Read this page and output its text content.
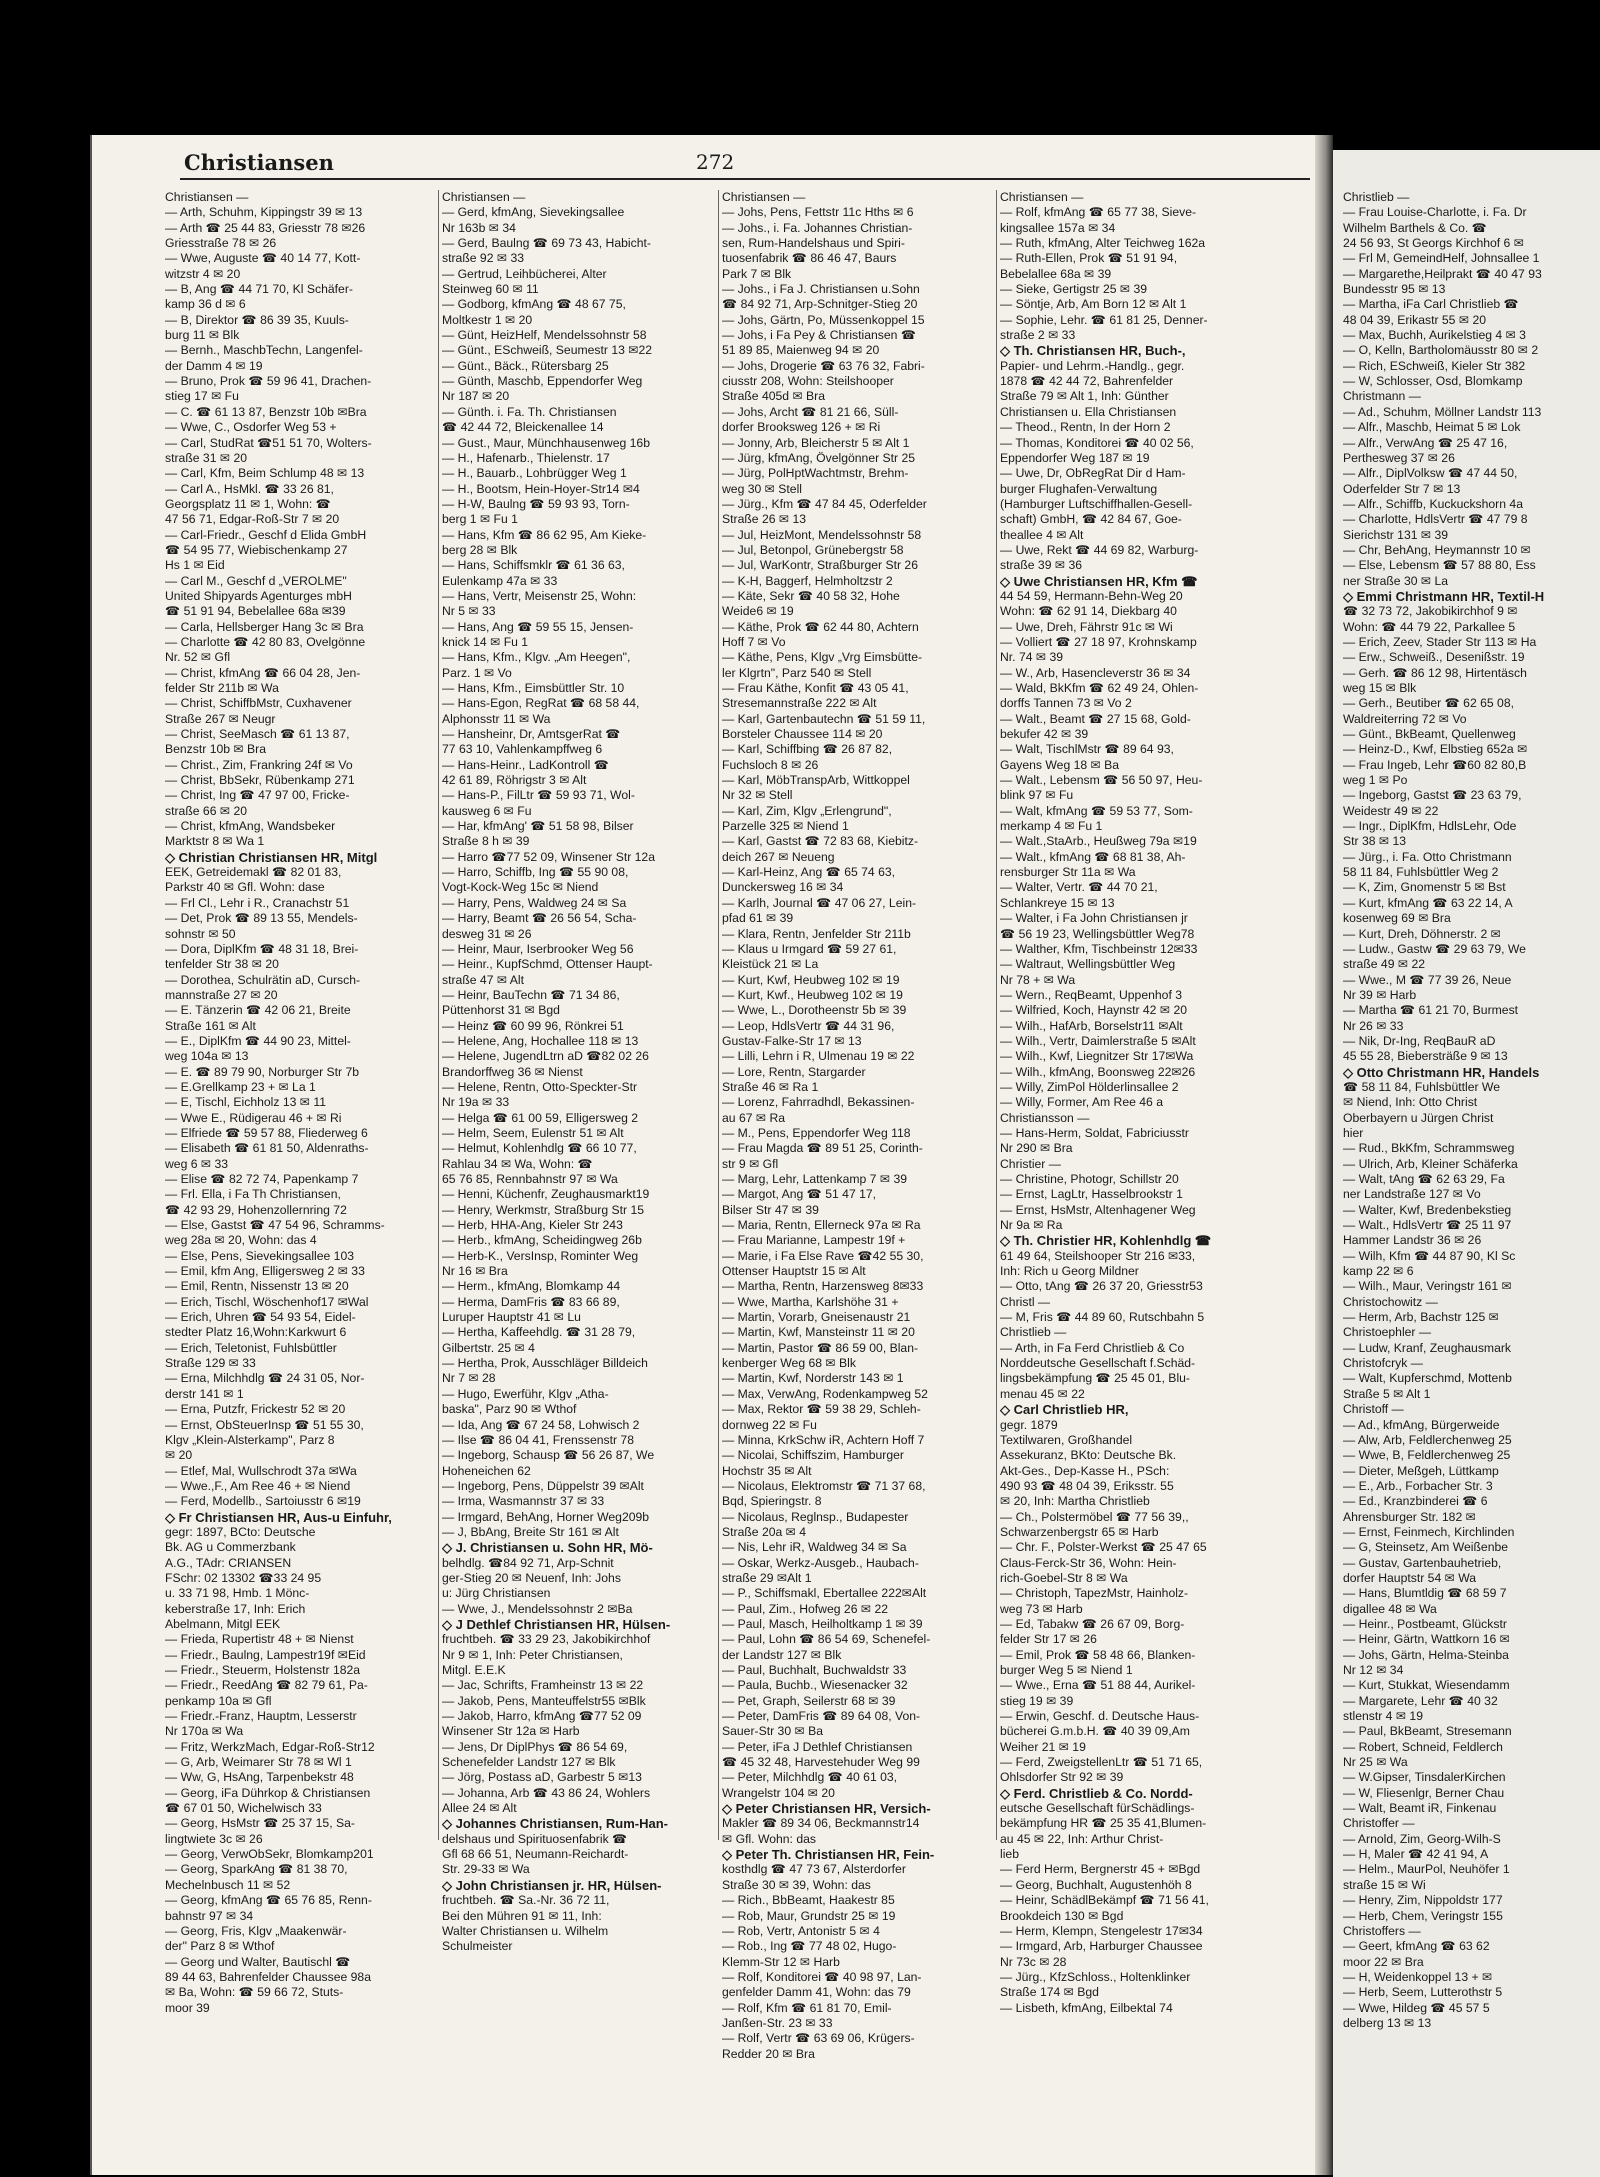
Christiansen	272
Christiansen —
— Arth, Schuhm, Kippingstr 39 ✉ 13
— Arth ☎ 25 44 83, Griesstr 78 ✉26
Griesstraße 78 ✉ 26
— Wwe, Auguste ☎ 40 14 77, Kott-
witzstr 4 ✉ 20
— B, Ang ☎ 44 71 70, Kl Schäfer-
kamp 36 d ✉ 6
— B, Direktor ☎ 86 39 35, Kuuls-
burg 11 ✉ Blk
— Bernh., MaschbTechn, Langenfel-
der Damm 4 ✉ 19
— Bruno, Prok ☎ 59 96 41, Drachen-
stieg 17 ✉ Fu
— C. ☎ 61 13 87, Benzstr 10b ✉Bra
— Wwe, C., Osdorfer Weg 53 +
— Carl, StudRat ☎51 51 70, Wolters-
straße 31 ✉ 20
— Carl, Kfm, Beim Schlump 48 ✉ 13
— Carl A., HsMkl. ☎ 33 26 81,
Georgsplatz 11 ✉ 1, Wohn: ☎
47 56 71, Edgar-Roß-Str 7 ✉ 20
— Carl-Friedr., Geschf d Elida GmbH
☎ 54 95 77, Wiebischenkamp 27
Hs 1 ✉ Eid
— Carl M., Geschf d „VEROLME"
United Shipyards Agenturges mbH
☎ 51 91 94, Bebelallee 68a ✉39
— Carla, Hellsberger Hang 3c ✉ Bra
— Charlotte ☎ 42 80 83, Ovelgönne
Nr. 52 ✉ Gfl
— Christ, kfmAng ☎ 66 04 28, Jen-
felder Str 211b ✉ Wa
— Christ, SchiffbMstr, Cuxhavener
Straße 267 ✉ Neugr
— Christ, SeeMasch ☎ 61 13 87,
Benzstr 10b ✉ Bra
— Christ., Zim, Frankring 24f ✉ Vo
— Christ, BbSekr, Rübenkamp 271
— Christ, Ing ☎ 47 97 00, Fricke-
straße 66 ✉ 20
— Christ, kfmAng, Wandsbeker
Marktstr 8 ✉ Wa 1
◇ Christian Christiansen HR, Mitgl
EEK, Getreidemakl ☎ 82 01 83,
Parkstr 40 ✉ Gfl. Wohn: dase
— Frl Cl., Lehr i R., Cranachstr 51
— Det, Prok ☎ 89 13 55, Mendels-
sohnstr ✉ 50
— Dora, DiplKfm ☎ 48 31 18, Brei-
tenfelder Str 38 ✉ 20
— Dorothea, Schulrätin aD, Cursch-
mannstraße 27 ✉ 20
— E. Tänzerin ☎ 42 06 21, Breite
Straße 161 ✉ Alt
— E., DiplKfm ☎ 44 90 23, Mittel-
weg 104a ✉ 13
— E. ☎ 89 79 90, Norburger Str 7b
— E.Grellkamp 23 + ✉ La 1
— E, Tischl, Eichholz 13 ✉ 11
— Wwe E., Rüdigerau 46 + ✉ Ri
— Elfriede ☎ 59 57 88, Fliederweg 6
— Elisabeth ☎ 61 81 50, Aldenraths-
weg 6 ✉ 33
— Elise ☎ 82 72 74, Papenkamp 7
— Frl. Ella, i Fa Th Christiansen,
☎ 42 93 29, Hohenzollernring 72
— Else, Gastst ☎ 47 54 96, Schramms-
weg 28a ✉ 20, Wohn: das 4
— Else, Pens, Sievekingsallee 103
— Emil, kfm Ang, Elligersweg 2 ✉ 33
— Emil, Rentn, Nissenstr 13 ✉ 20
— Erich, Tischl, Wöschenhof17 ✉Wal
— Erich, Uhren ☎ 54 93 54, Eidel-
stedter Platz 16,Wohn:Karkwurt 6
— Erich, Teletonist, Fuhlsbüttler
Straße 129 ✉ 33
— Erna, Milchhdlg ☎ 24 31 05, Nor-
derstr 141 ✉ 1
— Erna, Putzfr, Frickestr 52 ✉ 20
— Ernst, ObSteuerInsp ☎ 51 55 30,
Klgv „Klein-Alsterkamp", Parz 8
✉ 20
— Etlef, Mal, Wullschrodt 37a ✉Wa
— Wwe.,F., Am Ree 46 + ✉ Niend
— Ferd, Modellb., Sartoiusstr 6 ✉19
◇ Fr Christiansen HR, Aus-u Einfuhr,
gegr: 1897, BCto: Deutsche
Bk. AG u Commerzbank
A.G., TAdr: CRIANSEN
FSchr: 02 13302 ☎33 24 95
u. 33 71 98, Hmb. 1 Mönc-
keberstraße 17, Inh: Erich
Abelmann, Mitgl EEK
— Frieda, Rupertistr 48 + ✉ Nienst
— Friedr., Baulng, Lampestr19f ✉Eid
— Friedr., Steuerm, Holstenstr 182a
— Friedr., ReedAng ☎ 82 79 61, Pa-
penkamp 10a ✉ Gfl
— Friedr.-Franz, Hauptm, Lesserstr
Nr 170a ✉ Wa
— Fritz, WerkzMach, Edgar-Roß-Str12
— G, Arb, Weimarer Str 78 ✉ Wl 1
— Ww, G, HsAng, Tarpenbekstr 48
— Georg, iFa Dührkop & Christiansen
☎ 67 01 50, Wichelwisch 33
— Georg, HsMstr ☎ 25 37 15, Sa-
lingtwiete 3c ✉ 26
— Georg, VerwObSekr, Blomkamp201
— Georg, SparkAng ☎ 81 38 70,
Mechelnbusch 11 ✉ 52
— Georg, kfmAng ☎ 65 76 85, Renn-
bahnstr 97 ✉ 34
— Georg, Fris, Klgv „Maakenwär-
der" Parz 8 ✉ Wthof
— Georg und Walter, Bautischl ☎
89 44 63, Bahrenfelder Chaussee 98a
✉ Ba, Wohn: ☎ 59 66 72, Stuts-
moor 39
Christiansen —
— Gerd, kfmAng, Sievekingsallee
Nr 163b ✉ 34
— Gerd, Baulng ☎ 69 73 43, Habicht-
straße 92 ✉ 33
— Gertrud, Leihbücherei, Alter
Steinweg 60 ✉ 11
— Godborg, kfmAng ☎ 48 67 75,
Moltkestr 1 ✉ 20
— Günt, HeizHelf, Mendelssohnstr 58
— Günt., ESchweiß, Seumestr 13 ✉22
— Günt., Bäck., Rütersbarg 25
— Günth, Maschb, Eppendorfer Weg
Nr 187 ✉ 20
— Günth. i. Fa. Th. Christiansen
☎ 42 44 72, Bleickenallee 14
— Gust., Maur, Münchhausenweg 16b
— H., Hafenarb., Thielenstr. 17
— H., Bauarb., Lohbrügger Weg 1
— H., Bootsm, Hein-Hoyer-Str14 ✉4
— H-W, Baulng ☎ 59 93 93, Torn-
berg 1 ✉ Fu 1
— Hans, Kfm ☎ 86 62 95, Am Kieke-
berg 28 ✉ Blk
— Hans, Schiffsmklr ☎ 61 36 63,
Eulenkamp 47a ✉ 33
— Hans, Vertr, Meisenstr 25, Wohn:
Nr 5 ✉ 33
— Hans, Ang ☎ 59 55 15, Jensen-
knick 14 ✉ Fu 1
— Hans, Kfm., Klgv. „Am Heegen",
Parz. 1 ✉ Vo
— Hans, Kfm., Eimsbüttler Str. 10
— Hans-Egon, RegRat ☎ 68 58 44,
Alphonsstr 11 ✉ Wa
— Hansheinr, Dr, AmtsgerRat ☎
77 63 10, Vahlenkampffweg 6
— Hans-Heinr., LadKontroll ☎
42 61 89, Röhrigstr 3 ✉ Alt
— Hans-P., FilLtr ☎ 59 93 71, Wol-
kausweg 6 ✉ Fu
— Har, kfmAng' ☎ 51 58 98, Bilser
Straße 8 h ✉ 39
— Harro ☎77 52 09, Winsener Str 12a
— Harro, Schiffb, Ing ☎ 55 90 08,
Vogt-Kock-Weg 15c ✉ Niend
— Harry, Pens, Waldweg 24 ✉ Sa
— Harry, Beamt ☎ 26 56 54, Scha-
desweg 31 ✉ 26
— Heinr, Maur, Iserbrooker Weg 56
— Heinr., KupfSchmd, Ottenser Haupt-
straße 47 ✉ Alt
— Heinr, BauTechn ☎ 71 34 86,
Püttenhorst 31 ✉ Bgd
— Heinz ☎ 60 99 96, Rönkrei 51
— Helene, Ang, Hochallee 118 ✉ 13
— Helene, JugendLtrn aD ☎82 02 26
Brandorffweg 36 ✉ Nienst
— Helene, Rentn, Otto-Speckter-Str
Nr 19a ✉ 33
— Helga ☎ 61 00 59, Elligersweg 2
— Helm, Seem, Eulenstr 51 ✉ Alt
— Helmut, Kohlenhdlg ☎ 66 10 77,
Rahlau 34 ✉ Wa, Wohn: ☎
65 76 85, Rennbahnstr 97 ✉ Wa
— Henni, Küchenfr, Zeughausmarkt19
— Henry, Werkmstr, Straßburg Str 15
— Herb, HHA-Ang, Kieler Str 243
— Herb., kfmAng, Scheidingweg 26b
— Herb-K., VersInsp, Rominter Weg
Nr 16 ✉ Bra
— Herm., kfmAng, Blomkamp 44
— Herma, DamFris ☎ 83 66 89,
Luruper Hauptstr 41 ✉ Lu
— Hertha, Kaffeehdlg. ☎ 31 28 79,
Gilbertstr. 25 ✉ 4
— Hertha, Prok, Ausschläger Billdeich
Nr 7 ✉ 28
— Hugo, Ewerführ, Klgv „Atha-
baska", Parz 90 ✉ Wthof
— Ida, Ang ☎ 67 24 58, Lohwisch 2
— Ilse ☎ 86 04 41, Frenssenstr 78
— Ingeborg, Schausp ☎ 56 26 87, We
Hoheneichen 62
— Ingeborg, Pens, Düppelstr 39 ✉Alt
— Irma, Wasmannstr 37 ✉ 33
— Irmgard, BehAng, Horner Weg209b
— J, BbAng, Breite Str 161 ✉ Alt
◇ J. Christiansen u. Sohn HR, Mö-
belhdlg. ☎84 92 71, Arp-Schnit
ger-Stieg 20 ✉ Neuenf, Inh: Johs
u: Jürg Christiansen
— Wwe, J., Mendelssohnstr 2 ✉Ba
◇ J Dethlef Christiansen HR, Hülsen-
fruchtbeh. ☎ 33 29 23, Jakobikirchhof
Nr 9 ✉ 1, Inh: Peter Christiansen,
Mitgl. E.E.K
— Jac, Schrifts, Framheinstr 13 ✉ 22
— Jakob, Pens, Manteuffelstr55 ✉Blk
— Jakob, Harro, kfmAng ☎77 52 09
Winsener Str 12a ✉ Harb
— Jens, Dr DiplPhys ☎ 86 54 69,
Schenefelder Landstr 127 ✉ Blk
— Jörg, Postass aD, Garbestr 5 ✉13
— Johanna, Arb ☎ 43 86 24, Wohlers
Allee 24 ✉ Alt
◇ Johannes Christiansen, Rum-Han-
delshaus und Spirituosenfabrik ☎
Gfl 68 66 51, Neumann-Reichardt-
Str. 29-33 ✉ Wa
◇ John Christiansen jr. HR, Hülsen-
fruchtbeh. ☎ Sa.-Nr. 36 72 11,
Bei den Mühren 91 ✉ 11, Inh:
Walter Christiansen u. Wilhelm
Schulmeister
Christiansen —
— Johs, Pens, Fettstr 11c Hths ✉ 6
— Johs., i. Fa. Johannes Christian-
sen, Rum-Handelshaus und Spiri-
tuosenfabrik ☎ 86 46 47, Baurs
Park 7 ✉ Blk
— Johs., i Fa J. Christiansen u.Sohn
☎ 84 92 71, Arp-Schnitger-Stieg 20
— Johs, Gärtn, Po, Müssenkoppel 15
— Johs, i Fa Pey & Christiansen ☎
51 89 85, Maienweg 94 ✉ 20
— Johs, Drogerie ☎ 63 76 32, Fabri-
ciusstr 208, Wohn: Steilshooper
Straße 405d ✉ Bra
— Johs, Archt ☎ 81 21 66, Süll-
dorfer Brooksweg 126 + ✉ Ri
— Jonny, Arb, Bleicherstr 5 ✉ Alt 1
— Jürg, kfmAng, Övelgönner Str 25
— Jürg, PolHptWachtmstr, Brehm-
weg 30 ✉ Stell
— Jürg., Kfm ☎ 47 84 45, Oderfelder
Straße 26 ✉ 13
— Jul, HeizMont, Mendelssohnstr 58
— Jul, Betonpol, Grünebergstr 58
— Jul, WarKontr, Straßburger Str 26
— K-H, Baggerf, Helmholtzstr 2
— Käte, Sekr ☎ 40 58 32, Hohe
Weide6 ✉ 19
— Käthe, Prok ☎ 62 44 80, Achtern
Hoff 7 ✉ Vo
— Käthe, Pens, Klgv „Vrg Eimsbütte-
ler Klgrtn", Parz 540 ✉ Stell
— Frau Käthe, Konfit ☎ 43 05 41,
Stresemannstraße 222 ✉ Alt
— Karl, Gartenbautechn ☎ 51 59 11,
Borsteler Chaussee 114 ✉ 20
— Karl, Schiffbing ☎ 26 87 82,
Fuchsloch 8 ✉ 26
— Karl, MöbTranspArb, Wittkoppel
Nr 32 ✉ Stell
— Karl, Zim, Klgv „Erlengrund",
Parzelle 325 ✉ Niend 1
— Karl, Gastst ☎ 72 83 68, Kiebitz-
deich 267 ✉ Neueng
— Karl-Heinz, Ang ☎ 65 74 63,
Dunckersweg 16 ✉ 34
— Karlh, Journal ☎ 47 06 27, Lein-
pfad 61 ✉ 39
— Klara, Rentn, Jenfelder Str 211b
— Klaus u Irmgard ☎ 59 27 61,
Kleistück 21 ✉ La
— Kurt, Kwf, Heubweg 102 ✉ 19
— Kurt, Kwf., Heubweg 102 ✉ 19
— Wwe, L., Dorotheenstr 5b ✉ 39
— Leop, HdlsVertr ☎ 44 31 96,
Gustav-Falke-Str 17 ✉ 13
— Lilli, Lehrn i R, Ulmenau 19 ✉ 22
— Lore, Rentn, Stargarder
Straße 46 ✉ Ra 1
— Lorenz, Fahrradhdl, Bekassinen-
au 67 ✉ Ra
— M., Pens, Eppendorfer Weg 118
— Frau Magda ☎ 89 51 25, Corinth-
str 9 ✉ Gfl
— Marg, Lehr, Lattenkamp 7 ✉ 39
— Margot, Ang ☎ 51 47 17,
Bilser Str 47 ✉ 39
— Maria, Rentn, Ellerneck 97a ✉ Ra
— Frau Marianne, Lampestr 19f +
— Marie, i Fa Else Rave ☎42 55 30,
Ottenser Hauptstr 15 ✉ Alt
— Martha, Rentn, Harzensweg 8✉33
— Wwe, Martha, Karlshöhe 31 +
— Martin, Vorarb, Gneisenaustr 21
— Martin, Kwf, Mansteinstr 11 ✉ 20
— Martin, Pastor ☎ 86 59 00, Blan-
kenberger Weg 68 ✉ Blk
— Martin, Kwf, Norderstr 143 ✉ 1
— Max, VerwAng, Rodenkampweg 52
— Max, Rektor ☎ 59 38 29, Schleh-
dornweg 22 ✉ Fu
— Minna, KrkSchw iR, Achtern Hoff 7
— Nicolai, Schiffszim, Hamburger
Hochstr 35 ✉ Alt
— Nicolaus, Elektromstr ☎ 71 37 68,
Bqd, Spieringstr. 8
— Nicolaus, Reglnsp., Budapester
Straße 20a ✉ 4
— Nis, Lehr iR, Waldweg 34 ✉ Sa
— Oskar, Werkz-Ausgeb., Haubach-
straße 29 ✉Alt 1
— P., Schiffsmakl, Ebertallee 222✉Alt
— Paul, Zim., Hofweg 26 ✉ 22
— Paul, Masch, Heilholtkamp 1 ✉ 39
— Paul, Lohn ☎ 86 54 69, Schenefel-
der Landstr 127 ✉ Blk
— Paul, Buchhalt, Buchwaldstr 33
— Paula, Buchb., Wiesenacker 32
— Pet, Graph, Seilerstr 68 ✉ 39
— Peter, DamFris ☎ 89 64 08, Von-
Sauer-Str 30 ✉ Ba
— Peter, iFa J Dethlef Christiansen
☎ 45 32 48, Harvestehuder Weg 99
— Peter, Milchhdlg ☎ 40 61 03,
Wrangelstr 104 ✉ 20
◇ Peter Christiansen HR, Versich-
Makler ☎ 89 34 06, Beckmannstr14
✉ Gfl. Wohn: das
◇ Peter Th. Christiansen HR, Fein-
kosthdlg ☎ 47 73 67, Alsterdorfer
Straße 30 ✉ 39, Wohn: das
— Rich., BbBeamt, Haakestr 85
— Rob, Maur, Grundstr 25 ✉ 19
— Rob, Vertr, Antonistr 5 ✉ 4
— Rob., Ing ☎ 77 48 02, Hugo-
Klemm-Str 12 ✉ Harb
— Rolf, Konditorei ☎ 40 98 97, Lan-
genfelder Damm 41, Wohn: das 79
— Rolf, Kfm ☎ 61 81 70, Emil-
Janßen-Str. 23 ✉ 33
— Rolf, Vertr ☎ 63 69 06, Krügers-
Redder 20 ✉ Bra
Christiansen —
— Rolf, kfmAng ☎ 65 77 38, Sieve-
kingsallee 157a ✉ 34
— Ruth, kfmAng, Alter Teichweg 162a
— Ruth-Ellen, Prok ☎ 51 91 94,
Bebelallee 68a ✉ 39
— Sieke, Gertigstr 25 ✉ 39
— Söntje, Arb, Am Born 12 ✉ Alt 1
— Sophie, Lehr. ☎ 61 81 25, Denner-
straße 2 ✉ 33
◇ Th. Christiansen HR, Buch-,
Papier- und Lehrm.-Handlg., gegr.
1878 ☎ 42 44 72, Bahrenfelder
Straße 79 ✉ Alt 1, Inh: Günther
Christiansen u. Ella Christiansen
— Theod., Rentn, In der Horn 2
— Thomas, Konditorei ☎ 40 02 56,
Eppendorfer Weg 187 ✉ 19
— Uwe, Dr, ObRegRat Dir d Ham-
burger Flughafen-Verwaltung
(Hamburger Luftschiffhallen-Gesell-
schaft) GmbH, ☎ 42 84 67, Goe-
theallee 4 ✉ Alt
— Uwe, Rekt ☎ 44 69 82, Warburg-
straße 39 ✉ 36
◇ Uwe Christiansen HR, Kfm ☎
44 54 59, Hermann-Behn-Weg 20
Wohn: ☎ 62 91 14, Diekbarg 40
— Uwe, Dreh, Fährstr 91c ✉ Wi
— Volliert ☎ 27 18 97, Krohnskamp
Nr. 74 ✉ 39
— W., Arb, Hasencleverstr 36 ✉ 34
— Wald, BkKfm ☎ 62 49 24, Ohlen-
dorffs Tannen 73 ✉ Vo 2
— Walt., Beamt ☎ 27 15 68, Gold-
bekufer 42 ✉ 39
— Walt, TischlMstr ☎ 89 64 93,
Gayens Weg 18 ✉ Ba
— Walt., Lebensm ☎ 56 50 97, Heu-
blink 97 ✉ Fu
— Walt, kfmAng ☎ 59 53 77, Som-
merkamp 4 ✉ Fu 1
— Walt.,StaArb., Heußweg 79a ✉19
— Walt., kfmAng ☎ 68 81 38, Ah-
rensburger Str 11a ✉ Wa
— Walter, Vertr. ☎ 44 70 21,
Schlankreye 15 ✉ 13
— Walter, i Fa John Christiansen jr
☎ 56 19 23, Wellingsbüttler Weg78
— Walther, Kfm, Tischbeinstr 12✉33
— Waltraut, Wellingsbüttler Weg
Nr 78 + ✉ Wa
— Wern., ReqBeamt, Uppenhof 3
— Wilfried, Koch, Haynstr 42 ✉ 20
— Wilh., HafArb, Borselstr11 ✉Alt
— Wilh., Vertr, Daimlerstraße 5 ✉Alt
— Wilh., Kwf, Liegnitzer Str 17✉Wa
— Wilh., kfmAng, Boonsweg 22✉26
— Willy, ZimPol Hölderlinsallee 2
— Willy, Former, Am Ree 46 a
Christiansson —
— Hans-Herm, Soldat, Fabriciusstr
Nr 290 ✉ Bra
Christier —
— Christine, Photogr, Schillstr 20
— Ernst, LagLtr, Hasselbrookstr 1
— Ernst, HsMstr, Altenhagener Weg
Nr 9a ✉ Ra
◇ Th. Christier HR, Kohlenhdlg ☎
61 49 64, Steilshooper Str 216 ✉33,
Inh: Rich u Georg Mildner
— Otto, tAng ☎ 26 37 20, Griesstr53
Christl —
— M, Fris ☎ 44 89 60, Rutschbahn 5
Christlieb —
— Arth, in Fa Ferd Christlieb & Co
Norddeutsche Gesellschaft f.Schäd-
lingsbekämpfung ☎ 25 45 01, Blu-
menau 45 ✉ 22
◇ Carl Christlieb HR,
gegr. 1879
Textilwaren, Großhandel
Assekuranz, BKto: Deutsche Bk.
Akt-Ges., Dep-Kasse H., PSch:
490 93 ☎ 48 04 39, Eriksstr. 55
✉ 20, Inh: Martha Christlieb
— Ch., Polstermöbel ☎ 77 56 39,,
Schwarzenbergstr 65 ✉ Harb
— Chr. F., Polster-Werkst ☎ 25 47 65
Claus-Ferck-Str 36, Wohn: Hein-
rich-Goebel-Str 8 ✉ Wa
— Christoph, TapezMstr, Hainholz-
weg 73 ✉ Harb
— Ed, Tabakw ☎ 26 67 09, Borg-
felder Str 17 ✉ 26
— Emil, Prok ☎ 58 48 66, Blanken-
burger Weg 5 ✉ Niend 1
— Wwe., Erna ☎ 51 88 44, Aurikel-
stieg 19 ✉ 39
— Erwin, Geschf. d. Deutsche Haus-
bücherei G.m.b.H. ☎ 40 39 09,Am
Weiher 21 ✉ 19
— Ferd, ZweigstellenLtr ☎ 51 71 65,
Ohlsdorfer Str 92 ✉ 39
◇ Ferd. Christlieb & Co. Nordd-
eutsche Gesellschaft fürSchädlings-
bekämpfung HR ☎ 25 35 41,Blumen-
au 45 ✉ 22, Inh: Arthur Christ-
lieb
— Ferd Herm, Bergnerstr 45 + ✉Bgd
— Georg, Buchhalt, Augustenhöh 8
— Heinr, SchädlBekämpf ☎ 71 56 41,
Brookdeich 130 ✉ Bgd
— Herm, Klempn, Stengelestr 17✉34
— Irmgard, Arb, Harburger Chaussee
Nr 73c ✉ 28
— Jürg., KfzSchloss., Holtenklinker
Straße 174 ✉ Bgd
— Lisbeth, kfmAng, Eilbektal 74
Christlieb —
— Frau Louise-Charlotte, i. Fa. Dr
Wilhelm Barthels & Co. ☎
24 56 93, St Georgs Kirchhof 6 ✉
— Frl M, GemeindHelf, Johnsallee 1
— Margarethe,Heilprakt ☎ 40 47 93
Bundesstr 95 ✉ 13
— Martha, iFa Carl Christlieb ☎
48 04 39, Erikastr 55 ✉ 20
— Max, Buchh, Aurikelstieg 4 ✉ 3
— O, Kelln, Bartholomäusstr 80 ✉ 2
— Rich, ESchweiß, Kieler Str 382
— W, Schlosser, Osd, Blomkamp
Christmann —
— Ad., Schuhm, Möllner Landstr 113
— Alfr., Maschb, Heimat 5 ✉ Lok
— Alfr., VerwAng ☎ 25 47 16,
Perthesweg 37 ✉ 26
— Alfr., DiplVolksw ☎ 47 44 50,
Oderfelder Str 7 ✉ 13
— Alfr., Schiffb, Kuckuckshorn 4a
— Charlotte, HdlsVertr ☎ 47 79 8
Sierichstr 131 ✉ 39
— Chr, BehAng, Heymannstr 10 ✉
— Else, Lebensm ☎ 57 88 80, Ess
ner Straße 30 ✉ La
◇ Emmi Christmann HR, Textil-H
☎ 32 73 72, Jakobikirchhof 9 ✉
Wohn: ☎ 44 79 22, Parkallee 5
— Erich, Zeev, Stader Str 113 ✉ Ha
— Erw., Schweiß., Desenißstr. 19
— Gerh. ☎ 86 12 98, Hirtentäsch
weg 15 ✉ Blk
— Gerh., Beutiber ☎ 62 65 08,
Waldreiterring 72 ✉ Vo
— Günt., BkBeamt, Quellenweg
— Heinz-D., Kwf, Elbstieg 652a ✉
— Frau Ingeb, Lehr ☎60 82 80,B
weg 1 ✉ Po
— Ingeborg, Gastst ☎ 23 63 79,
Weidestr 49 ✉ 22
— Ingr., DiplKfm, HdlsLehr, Ode
Str 38 ✉ 13
— Jürg., i. Fa. Otto Christmann
58 11 84, Fuhlsbüttler Weg 2
— K, Zim, Gnomenstr 5 ✉ Bst
— Kurt, kfmAng ☎ 63 22 14, A
kosenweg 69 ✉ Bra
— Kurt, Dreh, Döhnerstr. 2 ✉
— Ludw., Gastw ☎ 29 63 79, We
straße 49 ✉ 22
— Wwe., M ☎ 77 39 26, Neue
Nr 39 ✉ Harb
— Martha ☎ 61 21 70, Burmest
Nr 26 ✉ 33
— Nik, Dr-Ing, ReqBauR aD
45 55 28, Biebersträße 9 ✉ 13
◇ Otto Christmann HR, Handels
☎ 58 11 84, Fuhlsbüttler We
✉ Niend, Inh: Otto Christ
Oberbayern u Jürgen Christ
hier
— Rud., BkKfm, Schrammsweg
— Ulrich, Arb, Kleiner Schäferka
— Walt, tAng ☎ 62 63 29, Fa
ner Landstraße 127 ✉ Vo
— Walter, Kwf, Bredenbekstieg
— Walt., HdlsVertr ☎ 25 11 97
Hammer Landstr 36 ✉ 26
— Wilh, Kfm ☎ 44 87 90, Kl Sc
kamp 22 ✉ 6
— Wilh., Maur, Veringstr 161 ✉
Christochowitz —
— Herm, Arb, Bachstr 125 ✉
Christoephler —
— Ludw, Kranf, Zeughausmark
Christofcryk —
— Walt, Kupferschmd, Mottenb
Straße 5 ✉ Alt 1
Christoff —
— Ad., kfmAng, Bürgerweide
— Alw, Arb, Feldlerchenweg 25
— Wwe, B, Feldlerchenweg 25
— Dieter, Meßgeh, Lüttkamp
— E., Arb., Forbacher Str. 3
— Ed., Kranzbinderei ☎ 6
Ahrensburger Str. 182 ✉
— Ernst, Feinmech, Kirchlinden
— G, Steinsetz, Am Weißenbe
— Gustav, Gartenbauhetrieb,
dorfer Hauptstr 54 ✉ Wa
— Hans, Blumtldig ☎ 68 59 7
digallee 48 ✉ Wa
— Heinr., Postbeamt, Glückstr
— Heinr, Gärtn, Wattkorn 16 ✉
— Johs, Gärtn, Helma-Steinba
Nr 12 ✉ 34
— Kurt, Stukkat, Wiesendamm
— Margarete, Lehr ☎ 40 32
stlenstr 4 ✉ 19
— Paul, BkBeamt, Stresemann
— Robert, Schneid, Feldlerch
Nr 25 ✉ Wa
— W.Gipser, TinsdalerKirchen
— W, Fliesenlgr, Berner Chau
— Walt, Beamt iR, Finkenau
Christoffer —
— Arnold, Zim, Georg-Wilh-S
— H, Maler ☎ 42 41 94, A
— Helm., MaurPol, Neuhöfer 1
straße 15 ✉ Wi
— Henry, Zim, Nippoldstr 177
— Herb, Chem, Veringstr 155
Christoffers —
— Geert, kfmAng ☎ 63 62
moor 22 ✉ Bra
— H, Weidenkoppel 13 + ✉
— Herb, Seem, Lutterothstr 5
— Wwe, Hildeg ☎ 45 57 5
delberg 13 ✉ 13
